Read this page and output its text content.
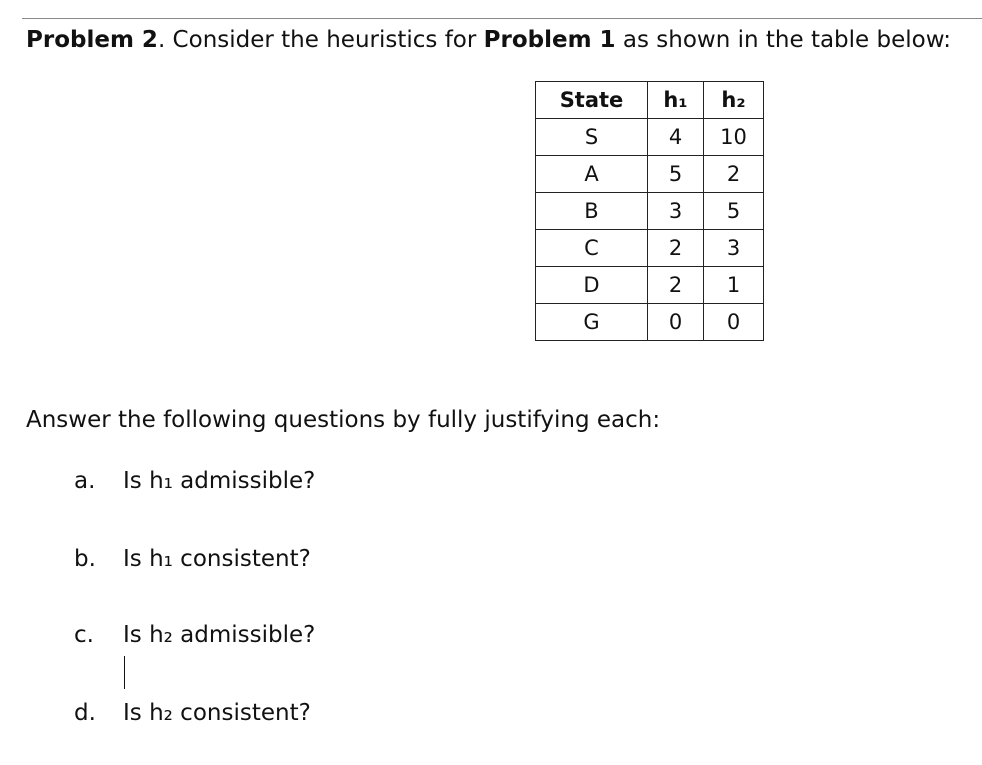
Problem 2. Consider the heuristics for Problem 1 as shown in the table below:
State	h₁	h₂
S	4	10
A	5	2
B	3	5
C	2	3
D	2	1
G	0	0
Answer the following questions by fully justifying each:
a. Is h₁ admissible?
b. Is h₁ consistent?
c. Is h₂ admissible?
d. Is h₂ consistent?
